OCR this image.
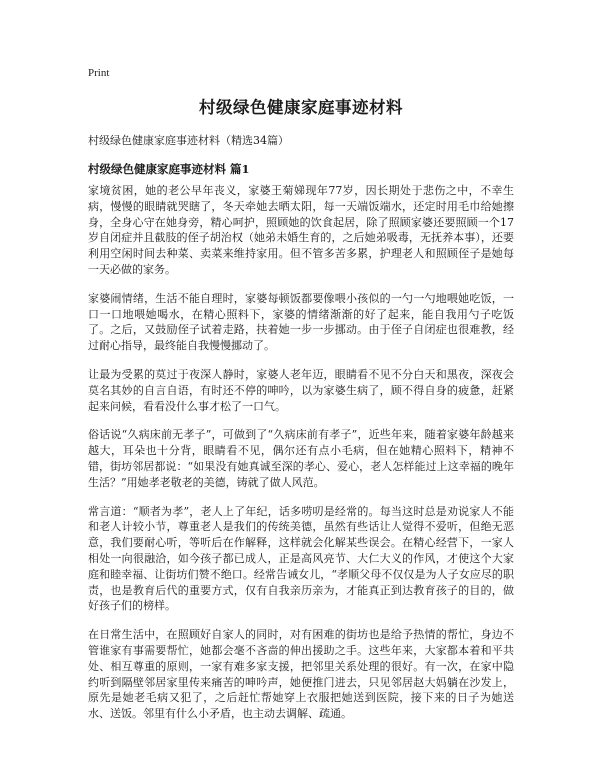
Print
村级绿色健康家庭事迹材料
村级绿色健康家庭事迹材料（精选34篇）
村级绿色健康家庭事迹材料 篇1

家境贫困，她的老公早年丧义，家婆王菊娣现年77岁，因长期处于悲伤之中，不幸生病，慢慢的眼睛就哭瞎了，冬天牵她去晒太阳，每一天端饭端水，还定时用毛巾给她擦身，全身心守在她身旁，精心呵护，照顾她的饮食起居，除了照顾家婆还要照顾一个17岁自闭症并且截肢的侄子胡治权（她弟未婚生育的，之后她弟吸毒，无抚养本事），还要利用空闲时间去种菜、卖菜来维持家用。但不管多苦多累，护理老人和照顾侄子是她每一天必做的家务。

家婆闹情绪，生活不能自理时，家婆每顿饭都要像喂小孩似的一勺一勺地喂她吃饭，一口一口地喂她喝水，在精心照料下，家婆的情绪渐渐的好了起来，能自我用勺子吃饭了。之后，又鼓励侄子试着走路，扶着她一步一步挪动。由于侄子自闭症也很难教，经过耐心指导，最终能自我慢慢挪动了。

让最为受累的莫过于夜深人静时，家婆人老年迈，眼睛看不见不分白天和黑夜，深夜会莫名其妙的自言自语，有时还不停的呻吟，以为家婆生病了，顾不得自身的疲惫，赶紧起来问候，看看没什么事才松了一口气。

俗话说“久病床前无孝子”，可做到了“久病床前有孝子”，近些年来，随着家婆年龄越来越大，耳朵也十分背，眼睛看不见，偶尔还有点小毛病，但在她精心照料下，精神不错，街坊邻居都说：“如果没有她真诚至深的孝心、爱心，老人怎样能过上这幸福的晚年生活？”用她孝老敬老的美德，铸就了做人风范。

常言道：“顺者为孝”，老人上了年纪，话多唠叨是经常的。每当这时总是劝说家人不能和老人计较小节，尊重老人是我们的传统美德，虽然有些话让人觉得不爱听，但绝无恶意，我们要耐心听，等听后在作解释，这样就会化解某些误会。在精心经营下，一家人相处一向很融洽，如今孩子都已成人，正是高风亮节、大仁大义的作风，才使这个大家庭和睦幸福、让街坊们赞不绝口。经常告诫女儿，“孝顺父母不仅仅是为人子女应尽的职责，也是教育后代的重要方式，仅有自我亲历亲为，才能真正到达教育孩子的目的，做好孩子们的榜样。

在日常生活中，在照顾好自家人的同时，对有困难的街坊也是给予热情的帮忙，身边不管谁家有事需要帮忙，她都会毫不吝啬的伸出援助之手。这些年来，大家都本着和平共处、相互尊重的原则，一家有难多家支援，把邻里关系处理的很好。有一次，在家中隐约听到隔壁邻居家里传来痛苦的呻吟声，她便推门进去，只见邻居赵大妈躺在沙发上，原先是她老毛病又犯了，之后赶忙帮她穿上衣服把她送到医院，接下来的日子为她送水、送饭。邻里有什么小矛盾，也主动去调解、疏通。
